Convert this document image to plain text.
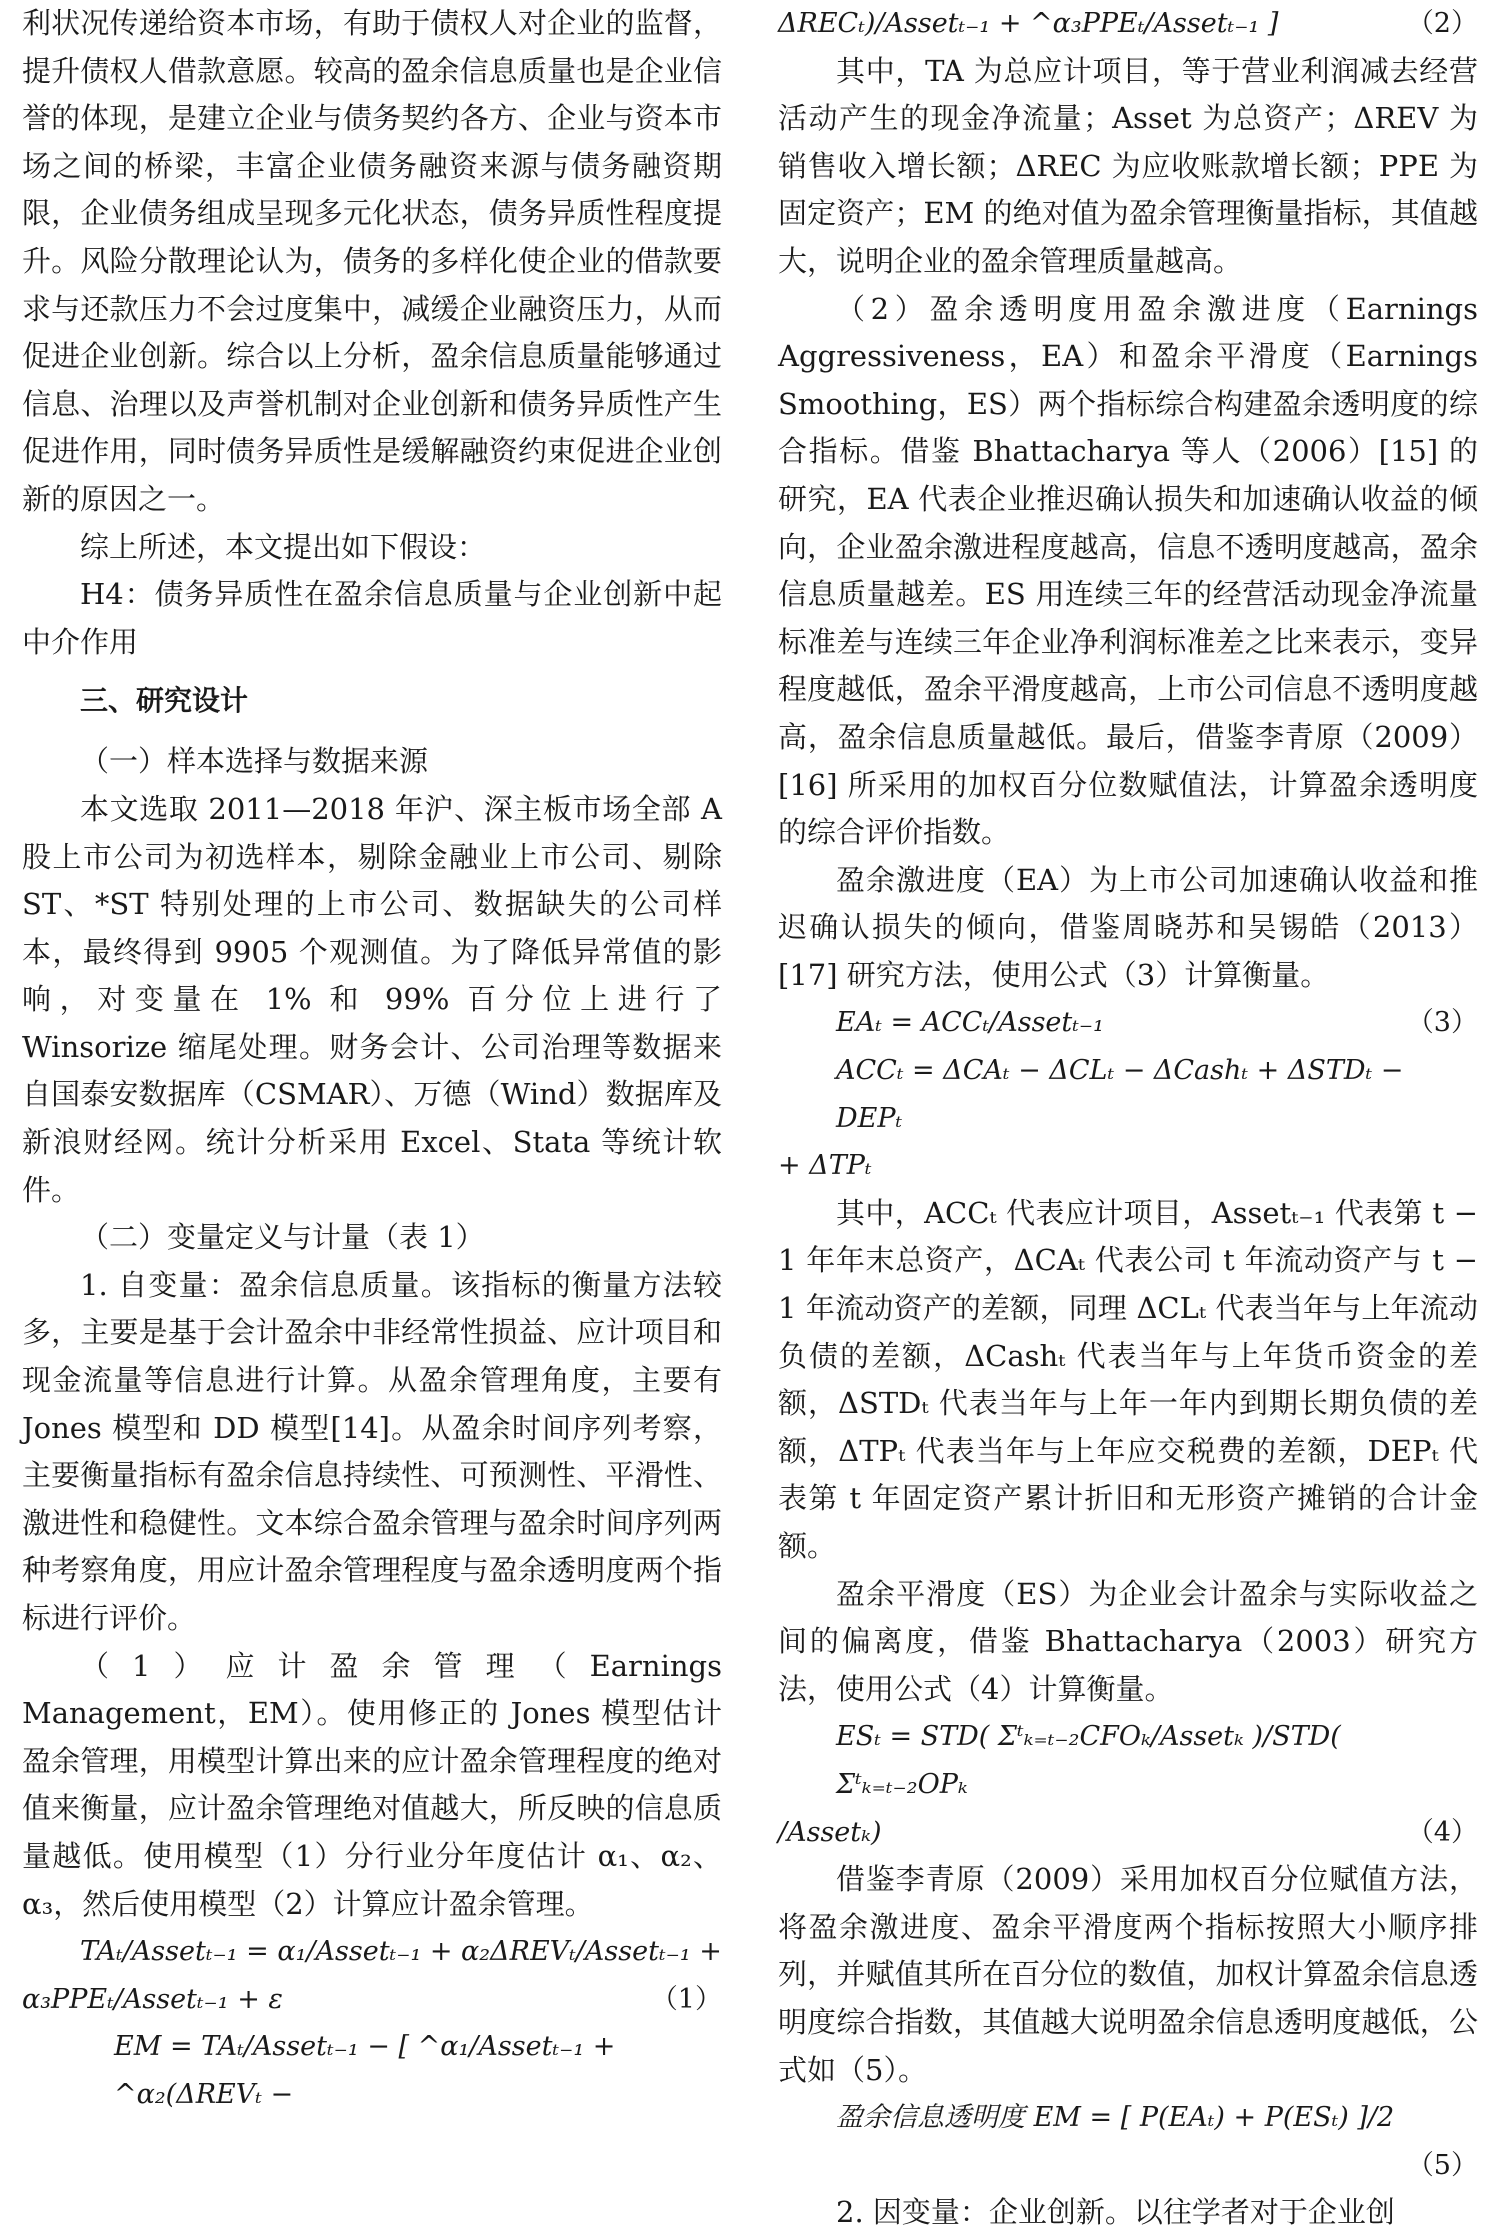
利状况传递给资本市场，有助于债权人对企业的监督，提升债权人借款意愿。较高的盈余信息质量也是企业信誉的体现，是建立企业与债务契约各方、企业与资本市场之间的桥梁，丰富企业债务融资来源与债务融资期限，企业债务组成呈现多元化状态，债务异质性程度提升。风险分散理论认为，债务的多样化使企业的借款要求与还款压力不会过度集中，减缓企业融资压力，从而促进企业创新。综合以上分析，盈余信息质量能够通过信息、治理以及声誉机制对企业创新和债务异质性产生促进作用，同时债务异质性是缓解融资约束促进企业创新的原因之一。

综上所述，本文提出如下假设：

H4：债务异质性在盈余信息质量与企业创新中起中介作用

三、研究设计

（一）样本选择与数据来源

本文选取 2011—2018 年沪、深主板市场全部 A 股上市公司为初选样本，剔除金融业上市公司、剔除 ST、*ST 特别处理的上市公司、数据缺失的公司样本，最终得到 9905 个观测值。为了降低异常值的影响，对变量在 1% 和 99% 百分位上进行了 Winsorize 缩尾处理。财务会计、公司治理等数据来自国泰安数据库（CSMAR）、万德（Wind）数据库及新浪财经网。统计分析采用 Excel、Stata 等统计软件。

（二）变量定义与计量（表 1）

1. 自变量：盈余信息质量。该指标的衡量方法较多，主要是基于会计盈余中非经常性损益、应计项目和现金流量等信息进行计算。从盈余管理角度，主要有 Jones 模型和 DD 模型[14]。从盈余时间序列考察，主要衡量指标有盈余信息持续性、可预测性、平滑性、激进性和稳健性。文本综合盈余管理与盈余时间序列两种考察角度，用应计盈余管理程度与盈余透明度两个指标进行评价。

（1）应计盈余管理（Earnings Management，EM）。使用修正的 Jones 模型估计盈余管理，用模型计算出来的应计盈余管理程度的绝对值来衡量，应计盈余管理绝对值越大，所反映的信息质量越低。使用模型（1）分行业分年度估计 α₁、α₂、α₃，然后使用模型（2）计算应计盈余管理。

TAₜ/Assetₜ₋₁ = α₁/Assetₜ₋₁ + α₂ΔREVₜ/Assetₜ₋₁ +

α₃PPEₜ/Assetₜ₋₁ + ε	（1）

EM = TAₜ/Assetₜ₋₁ − [ ^α₁/Assetₜ₋₁ + ^α₂(ΔREVₜ −

ΔRECₜ)/Assetₜ₋₁ + ^α₃PPEₜ/Assetₜ₋₁ ]	（2）

其中，TA 为总应计项目，等于营业利润减去经营活动产生的现金净流量；Asset 为总资产；ΔREV 为销售收入增长额；ΔREC 为应收账款增长额；PPE 为固定资产；EM 的绝对值为盈余管理衡量指标，其值越大，说明企业的盈余管理质量越高。

（2）盈余透明度用盈余激进度（Earnings Aggressiveness，EA）和盈余平滑度（Earnings Smoothing，ES）两个指标综合构建盈余透明度的综合指标。借鉴 Bhattacharya 等人（2006）[15] 的研究，EA 代表企业推迟确认损失和加速确认收益的倾向，企业盈余激进程度越高，信息不透明度越高，盈余信息质量越差。ES 用连续三年的经营活动现金净流量标准差与连续三年企业净利润标准差之比来表示，变异程度越低，盈余平滑度越高，上市公司信息不透明度越高，盈余信息质量越低。最后，借鉴李青原（2009）[16] 所采用的加权百分位数赋值法，计算盈余透明度的综合评价指数。

盈余激进度（EA）为上市公司加速确认收益和推迟确认损失的倾向，借鉴周晓苏和吴锡皓（2013）[17] 研究方法，使用公式（3）计算衡量。

EAₜ = ACCₜ/Assetₜ₋₁	（3）

ACCₜ = ΔCAₜ − ΔCLₜ − ΔCashₜ + ΔSTDₜ − DEPₜ

+ ΔTPₜ

其中，ACCₜ 代表应计项目，Assetₜ₋₁ 代表第 t − 1 年年末总资产，ΔCAₜ 代表公司 t 年流动资产与 t − 1 年流动资产的差额，同理 ΔCLₜ 代表当年与上年流动负债的差额，ΔCashₜ 代表当年与上年货币资金的差额，ΔSTDₜ 代表当年与上年一年内到期长期负债的差额，ΔTPₜ 代表当年与上年应交税费的差额，DEPₜ 代表第 t 年固定资产累计折旧和无形资产摊销的合计金额。

盈余平滑度（ES）为企业会计盈余与实际收益之间的偏离度，借鉴 Bhattacharya（2003）研究方法，使用公式（4）计算衡量。

ESₜ = STD( Σᵗₖ₌ₜ₋₂CFOₖ/Assetₖ )/STD( Σᵗₖ₌ₜ₋₂OPₖ

/Assetₖ)	（4）

借鉴李青原（2009）采用加权百分位赋值方法，将盈余激进度、盈余平滑度两个指标按照大小顺序排列，并赋值其所在百分位的数值，加权计算盈余信息透明度综合指数，其值越大说明盈余信息透明度越低，公式如（5）。

盈余信息透明度 EM = [ P(EAₜ) + P(ESₜ) ]/2

（5）

2. 因变量：企业创新。以往学者对于企业创
